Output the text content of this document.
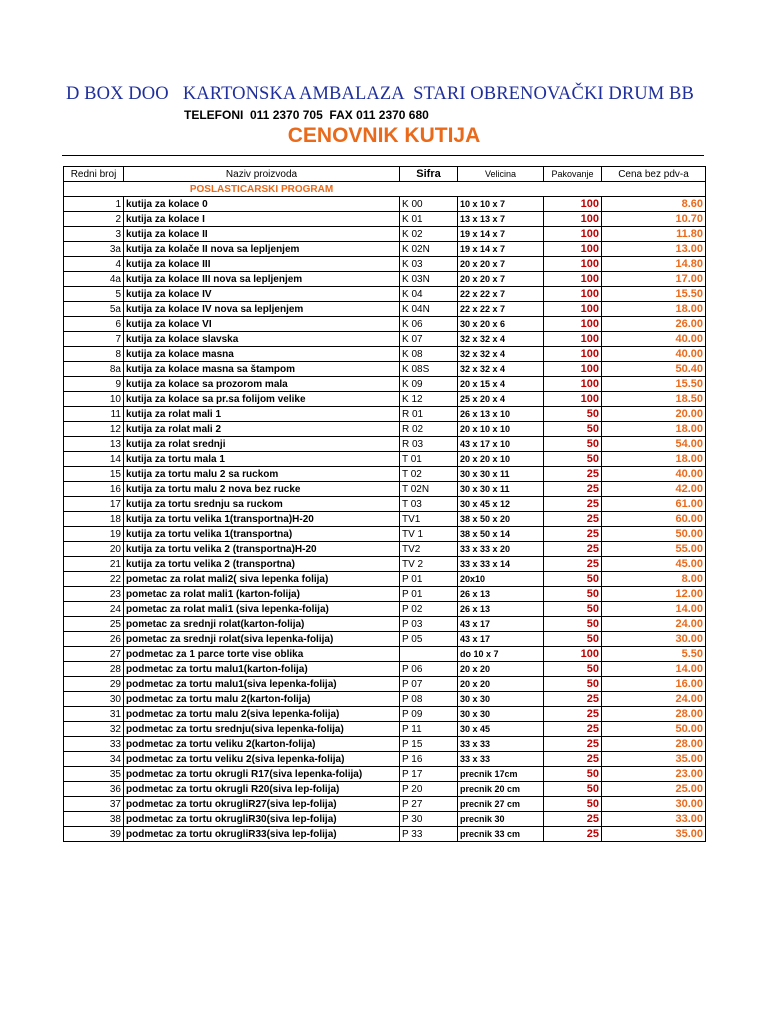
D BOX DOO   KARTONSKA AMBALAZA  STARI OBRENOVAČKI DRUM BB
TELEFONI  011 2370 705  FAX 011 2370 680
CENOVNIK KUTIJA
Redni broj	Naziv proizvoda	Sifra	Velicina	Pakovanje	Cena bez pdv-a
	POSLASTICARSKI PROGRAM				
1	kutija za kolace 0	K 00	10 x 10 x 7	100	8.60
2	kutija za kolace I	K 01	13 x 13 x 7	100	10.70
3	kutija za kolace II	K 02	19 x 14 x 7	100	11.80
3a	kutija za kolače II nova sa lepljenjem	K 02N	19 x 14 x 7	100	13.00
4	kutija za kolace III	K 03	20 x 20 x 7	100	14.80
4a	kutija za kolace III nova sa lepljenjem	K 03N	20 x 20 x 7	100	17.00
5	kutija za kolace IV	K 04	22 x 22 x 7	100	15.50
5a	kutija za kolace IV nova sa lepljenjem	K 04N	22 x 22 x 7	100	18.00
6	kutija za kolace VI	K 06	30 x 20 x 6	100	26.00
7	kutija za kolace slavska	K 07	32 x 32 x 4	100	40.00
8	kutija za kolace masna	K 08	32 x 32 x 4	100	40.00
8a	kutija za kolace masna sa štampom	K 08S	32 x 32 x 4	100	50.40
9	kutija za kolace sa prozorom mala	K 09	20 x 15 x 4	100	15.50
10	kutija za kolace sa pr.sa folijom velike	K 12	25 x 20 x 4	100	18.50
11	kutija za rolat mali 1	R 01	26 x 13 x 10	50	20.00
12	kutija za rolat mali 2	R 02	20 x 10 x 10	50	18.00
13	kutija za rolat srednji	R 03	43 x 17 x 10	50	54.00
14	kutija za tortu mala 1	T 01	20 x 20 x 10	50	18.00
15	kutija za tortu malu 2 sa ruckom	T 02	30 x 30 x 11	25	40.00
16	kutija za tortu malu 2 nova bez rucke	T 02N	30 x 30 x 11	25	42.00
17	kutija za tortu srednju sa ruckom	T 03	30 x 45 x 12	25	61.00
18	kutija za tortu velika 1(transportna)H-20	TV1	38 x 50 x 20	25	60.00
19	kutija za tortu velika 1(transportna)	TV 1	38 x 50 x 14	25	50.00
20	kutija za tortu velika 2 (transportna)H-20	TV2	33 x 33 x 20	25	55.00
21	kutija za tortu velika 2 (transportna)	TV 2	33 x 33 x 14	25	45.00
22	pometac za rolat mali2( siva lepenka folija)	P 01	20x10	50	8.00
23	pometac za rolat mali1 (karton-folija)	P 01	26 x 13	50	12.00
24	pometac za rolat mali1 (siva lepenka-folija)	P 02	26 x 13	50	14.00
25	pometac za srednji rolat(karton-folija)	P 03	43 x 17	50	24.00
26	pometac za srednji rolat(siva lepenka-folija)	P 05	43 x 17	50	30.00
27	podmetac za 1 parce torte vise oblika		do 10 x 7	100	5.50
28	podmetac za tortu malu1(karton-folija)	P 06	20 x 20	50	14.00
29	podmetac za tortu malu1(siva lepenka-folija)	P 07	20 x 20	50	16.00
30	podmetac za tortu malu 2(karton-folija)	P 08	30 x 30	25	24.00
31	podmetac za tortu malu 2(siva lepenka-folija)	P 09	30 x 30	25	28.00
32	podmetac za tortu srednju(siva lepenka-folija)	P 11	30 x 45	25	50.00
33	podmetac za tortu veliku 2(karton-folija)	P 15	33 x 33	25	28.00
34	podmetac za tortu veliku 2(siva lepenka-folija)	P 16	33 x 33	25	35.00
35	podmetac za tortu okrugli R17(siva lepenka-folija)	P 17	precnik 17cm	50	23.00
36	podmetac za tortu okrugli R20(siva lep-folija)	P 20	precnik 20 cm	50	25.00
37	podmetac za tortu okrugliR27(siva lep-folija)	P 27	precnik 27 cm	50	30.00
38	podmetac za tortu okrugliR30(siva lep-folija)	P 30	precnik 30	25	33.00
39	podmetac za tortu okrugliR33(siva lep-folija)	P 33	precnik 33 cm	25	35.00
